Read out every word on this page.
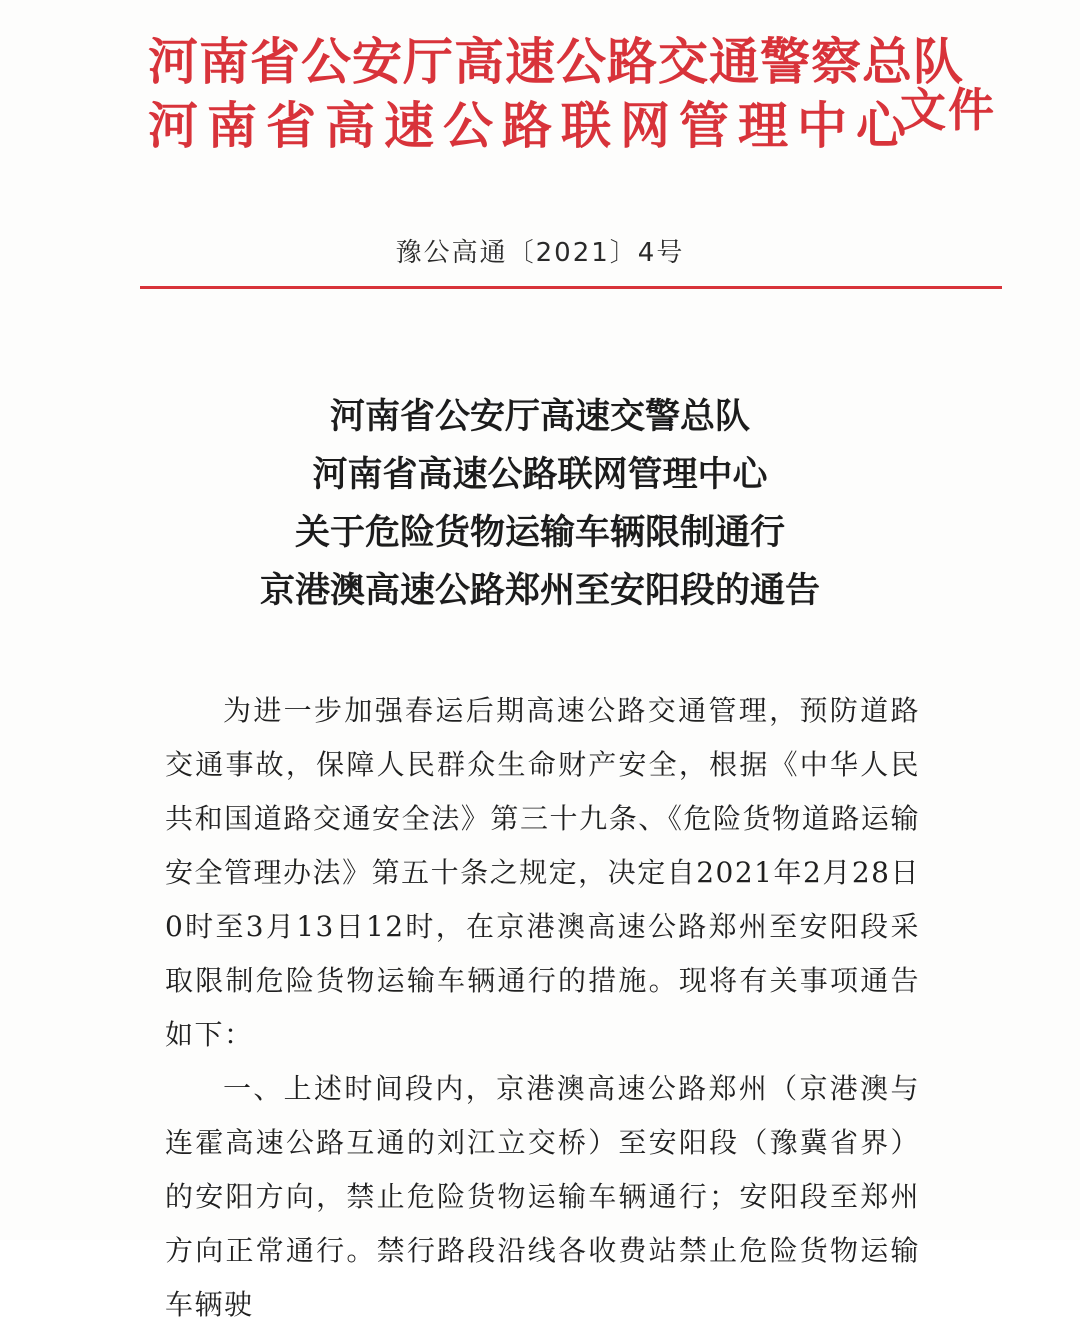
河南省公安厅高速公路交通警察总队
河南省高速公路联网管理中心
文件
豫公高通〔2021〕4号
河南省公安厅高速交警总队
河南省高速公路联网管理中心
关于危险货物运输车辆限制通行
京港澳高速公路郑州至安阳段的通告

为进一步加强春运后期高速公路交通管理，预防道路交通事故，保障人民群众生命财产安全，根据《中华人民共和国道路交通安全法》第三十九条、《危险货物道路运输安全管理办法》第五十条之规定，决定自2021年2月28日0时至3月13日12时，在京港澳高速公路郑州至安阳段采取限制危险货物运输车辆通行的措施。现将有关事项通告如下：

一、上述时间段内，京港澳高速公路郑州（京港澳与连霍高速公路互通的刘江立交桥）至安阳段（豫冀省界）的安阳方向，禁止危险货物运输车辆通行；安阳段至郑州方向正常通行。禁行路段沿线各收费站禁止危险货物运输车辆驶
